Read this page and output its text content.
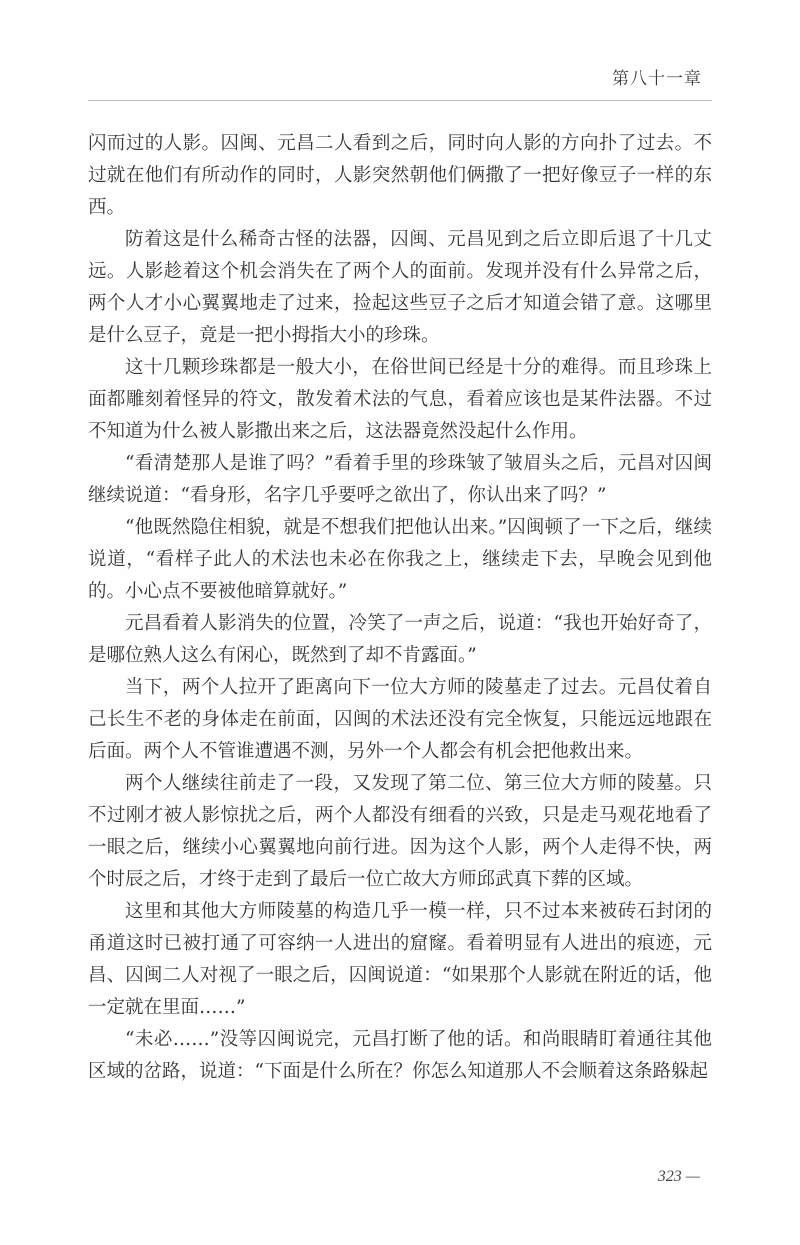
第八十一章

闪而过的人影。囚闽、元昌二人看到之后，同时向人影的方向扑了过去。不过就在他们有所动作的同时，人影突然朝他们俩撒了一把好像豆子一样的东西。

防着这是什么稀奇古怪的法器，囚闽、元昌见到之后立即后退了十几丈远。人影趁着这个机会消失在了两个人的面前。发现并没有什么异常之后，两个人才小心翼翼地走了过来，捡起这些豆子之后才知道会错了意。这哪里是什么豆子，竟是一把小拇指大小的珍珠。

这十几颗珍珠都是一般大小，在俗世间已经是十分的难得。而且珍珠上面都雕刻着怪异的符文，散发着术法的气息，看着应该也是某件法器。不过不知道为什么被人影撒出来之后，这法器竟然没起什么作用。

“看清楚那人是谁了吗？”看着手里的珍珠皱了皱眉头之后，元昌对囚闽继续说道：“看身形，名字几乎要呼之欲出了，你认出来了吗？”

“他既然隐住相貌，就是不想我们把他认出来。”囚闽顿了一下之后，继续说道，“看样子此人的术法也未必在你我之上，继续走下去，早晚会见到他的。小心点不要被他暗算就好。”

元昌看着人影消失的位置，冷笑了一声之后，说道：“我也开始好奇了，是哪位熟人这么有闲心，既然到了却不肯露面。”

当下，两个人拉开了距离向下一位大方师的陵墓走了过去。元昌仗着自己长生不老的身体走在前面，囚闽的术法还没有完全恢复，只能远远地跟在后面。两个人不管谁遭遇不测，另外一个人都会有机会把他救出来。

两个人继续往前走了一段，又发现了第二位、第三位大方师的陵墓。只不过刚才被人影惊扰之后，两个人都没有细看的兴致，只是走马观花地看了一眼之后，继续小心翼翼地向前行进。因为这个人影，两个人走得不快，两个时辰之后，才终于走到了最后一位亡故大方师邱武真下葬的区域。

这里和其他大方师陵墓的构造几乎一模一样，只不过本来被砖石封闭的甬道这时已被打通了可容纳一人进出的窟窿。看着明显有人进出的痕迹，元昌、囚闽二人对视了一眼之后，囚闽说道：“如果那个人影就在附近的话，他一定就在里面……”

“未必……”没等囚闽说完，元昌打断了他的话。和尚眼睛盯着通往其他区域的岔路，说道：“下面是什么所在？你怎么知道那人不会顺着这条路躲起

323 —
